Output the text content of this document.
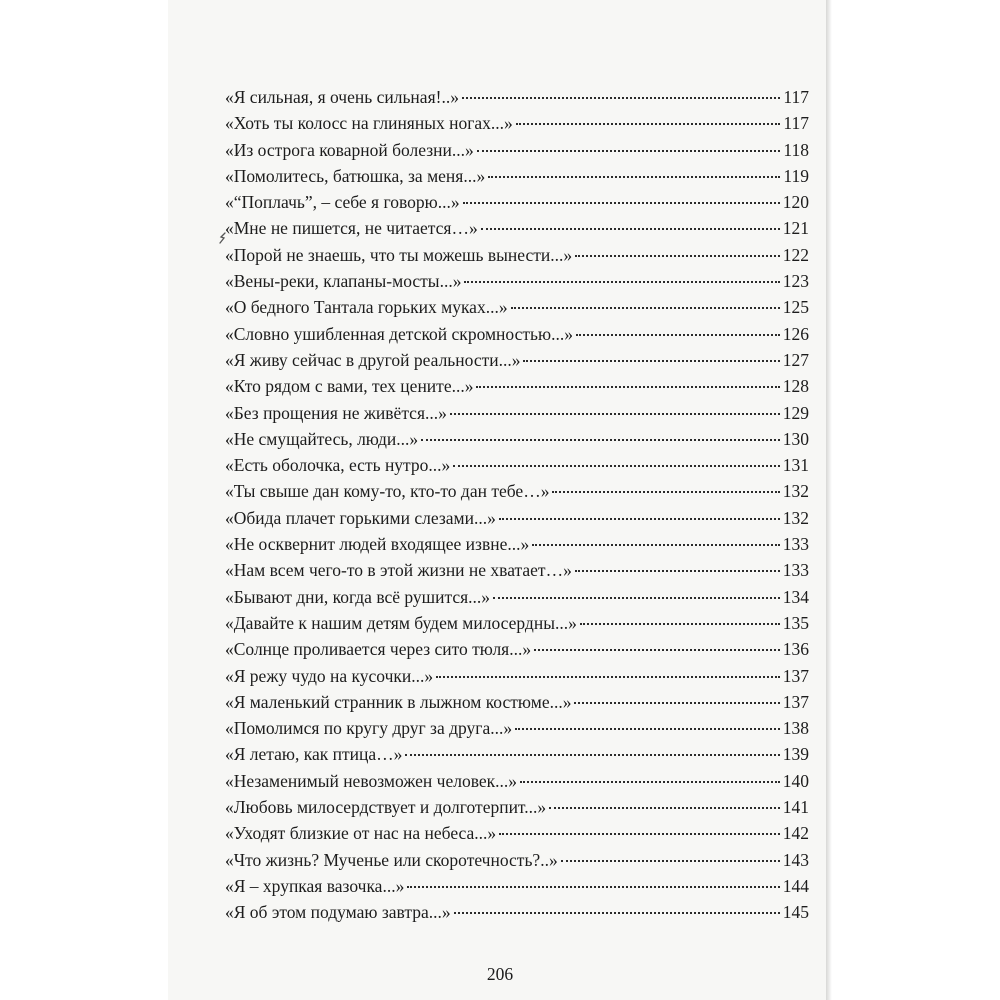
«Я сильная, я очень сильная!..»	117
«Хоть ты колосс на глиняных ногах...»	117
«Из острога коварной болезни...»	118
«Помолитесь, батюшка, за меня...»	119
«“Поплачь”, – себе я говорю...»	120
«Мне не пишется, не читается…»	121
«Порой не знаешь, что ты можешь вынести...»	122
«Вены-реки, клапаны-мосты...»	123
«О бедного Тантала горьких муках...»	125
«Словно ушибленная детской скромностью...»	126
«Я живу сейчас в другой реальности...»	127
«Кто рядом с вами, тех цените...»	128
«Без прощения не живётся...»	129
«Не смущайтесь, люди...»	130
«Есть оболочка, есть нутро...»	131
«Ты свыше дан кому-то, кто-то дан тебе…»	132
«Обида плачет горькими слезами...»	132
«Не осквернит людей входящее извне...»	133
«Нам всем чего-то в этой жизни не хватает…»	133
«Бывают дни, когда всё рушится...»	134
«Давайте к нашим детям будем милосердны...»	135
«Солнце проливается через сито тюля...»	136
«Я режу чудо на кусочки...»	137
«Я маленький странник в лыжном костюме...»	137
«Помолимся по кругу друг за друга...»	138
«Я летаю, как птица…»	139
«Незаменимый невозможен человек...»	140
«Любовь милосердствует и долготерпит...»	141
«Уходят близкие от нас на небеса...»	142
«Что жизнь? Мученье или скоротечность?..»	143
«Я – хрупкая вазочка...»	144
«Я об этом подумаю завтра...»	145
206
